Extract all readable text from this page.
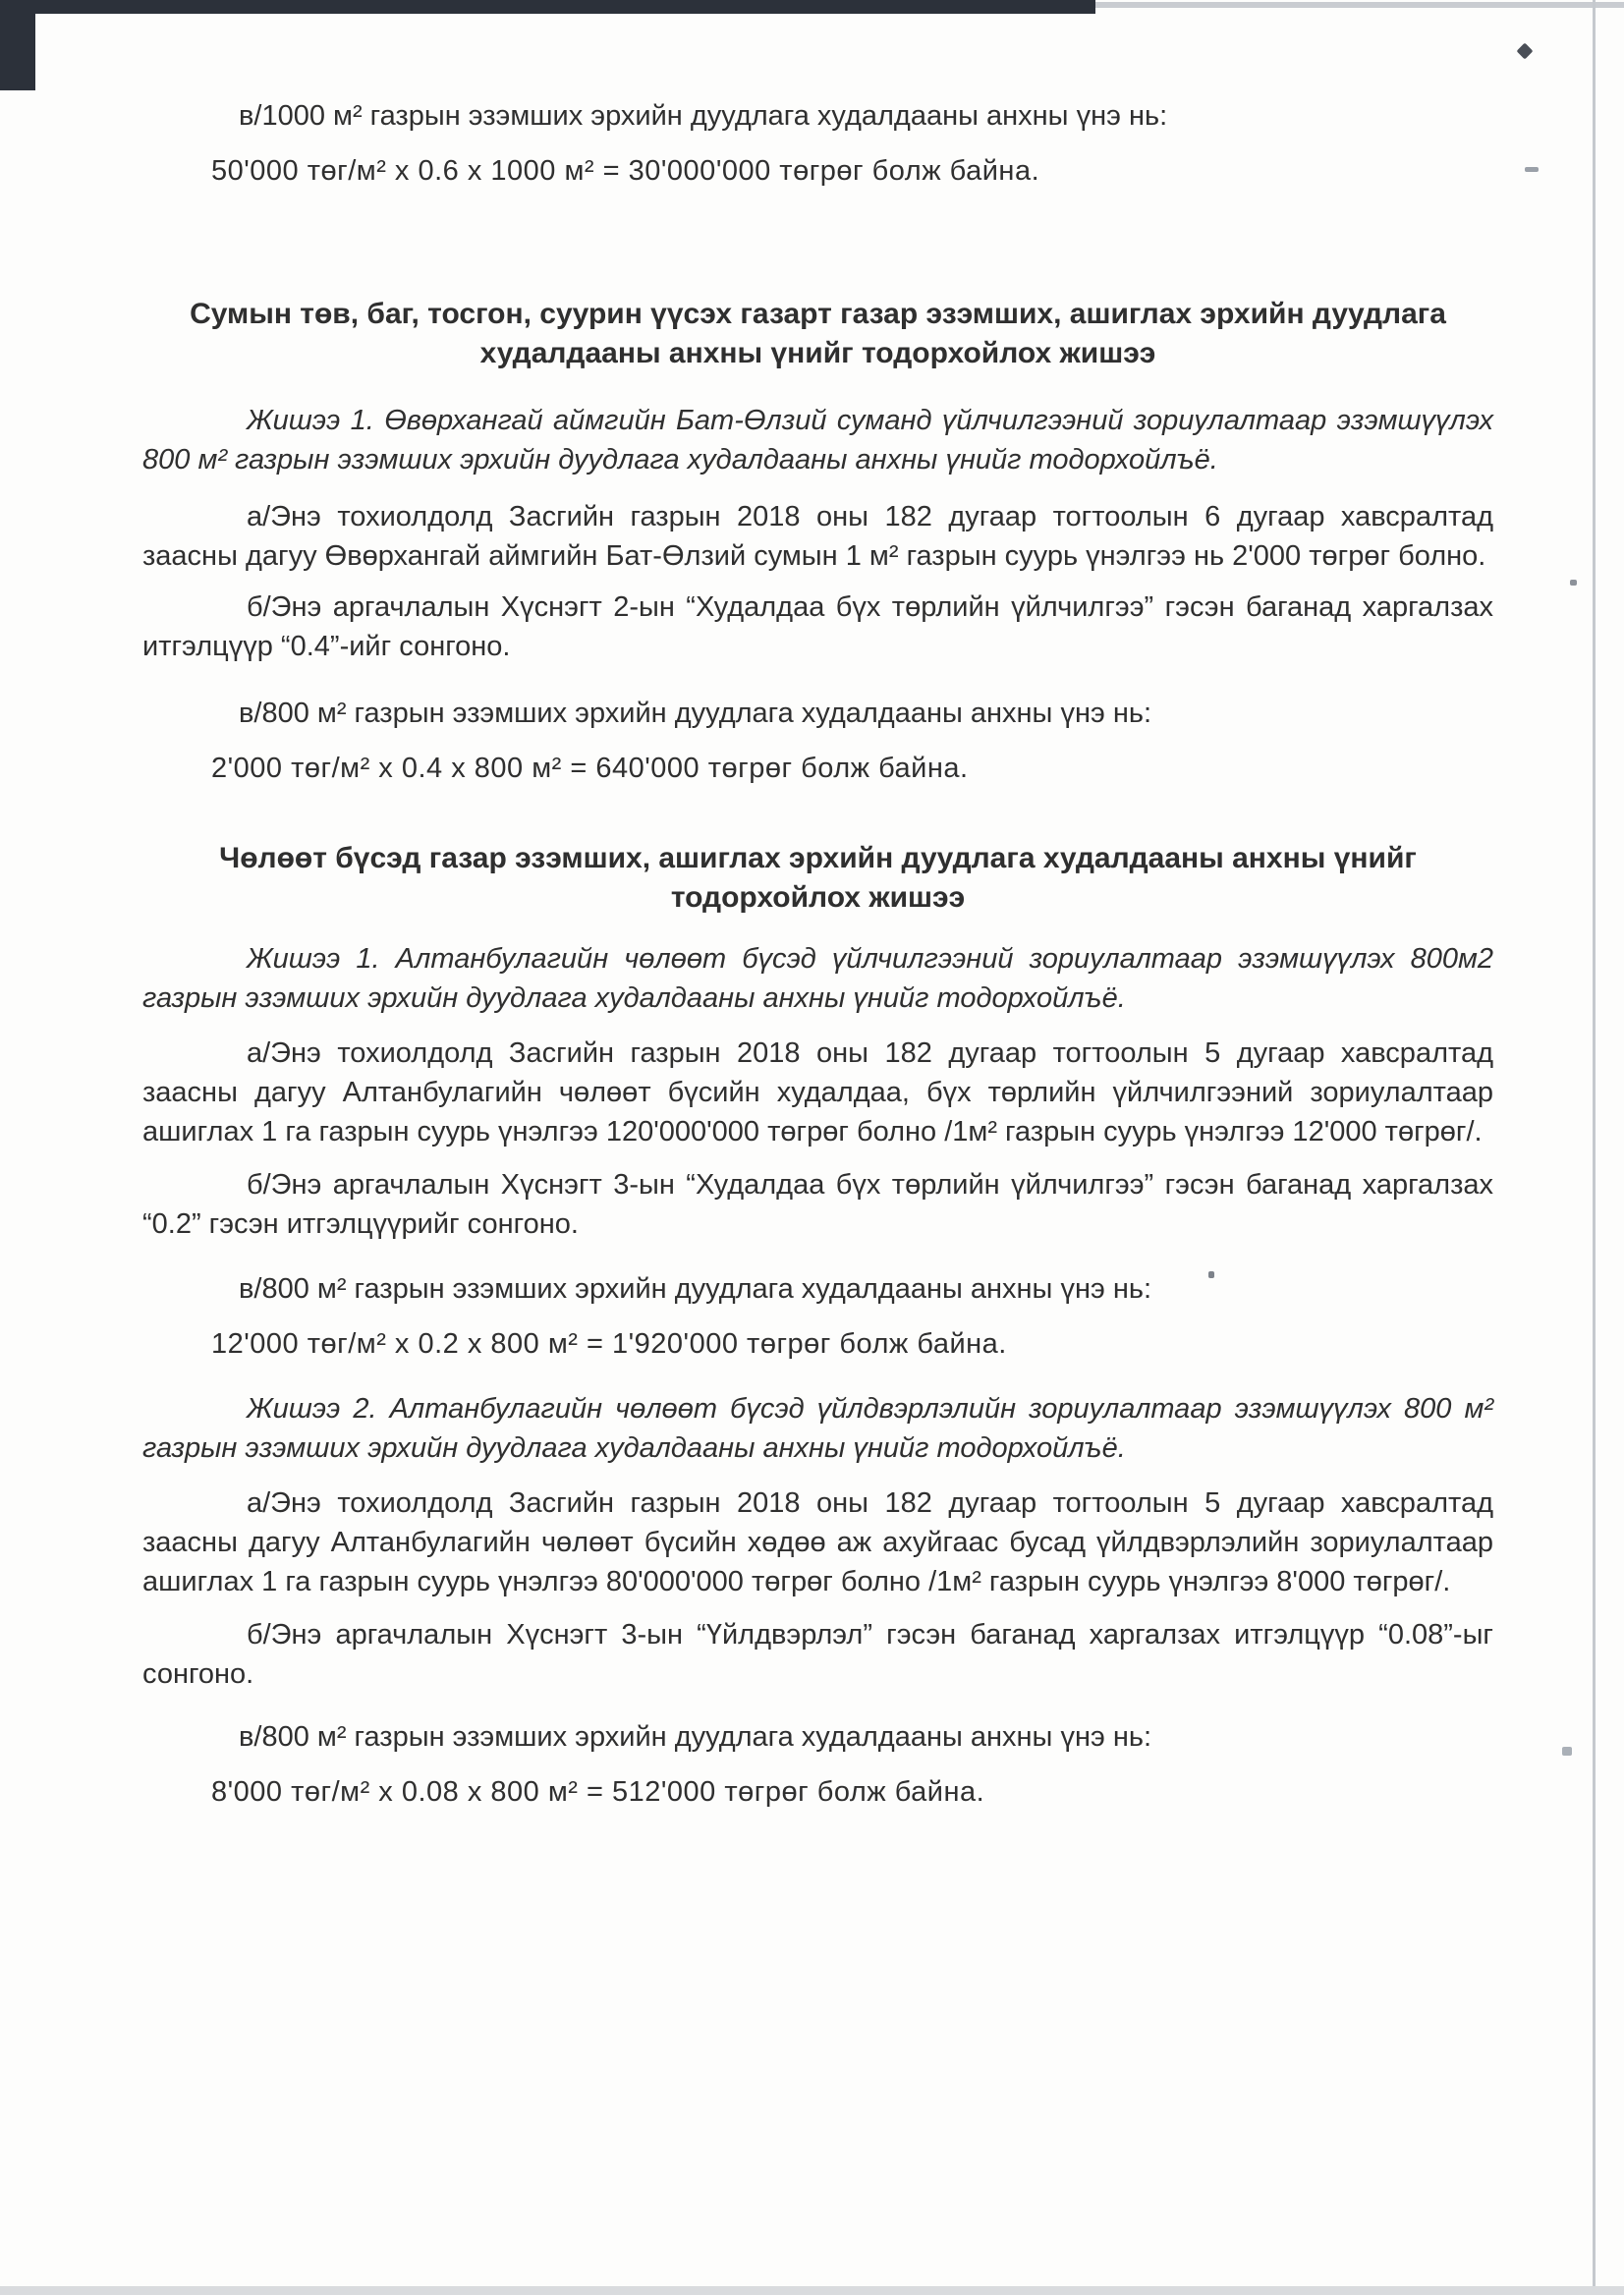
в/1000 м² газрын эзэмших эрхийн дуудлага худалдааны анхны үнэ нь:

50'000 төг/м² х 0.6 х 1000 м² = 30'000'000 төгрөг болж байна.

Сумын төв, баг, тосгон, суурин үүсэх газарт газар эзэмших, ашиглах эрхийн дуудлага худалдааны анхны үнийг тодорхойлох жишээ

Жишээ 1. Өвөрхангай аймгийн Бат-Өлзий суманд үйлчилгээний зориулалтаар эзэмшүүлэх 800 м² газрын эзэмших эрхийн дуудлага худалдааны анхны үнийг тодорхойлъё.

а/Энэ тохиолдолд Засгийн газрын 2018 оны 182 дугаар тогтоолын 6 дугаар хавсралтад заасны дагуу Өвөрхангай аймгийн Бат-Өлзий сумын 1 м² газрын суурь үнэлгээ нь 2'000 төгрөг болно.

б/Энэ аргачлалын Хүснэгт 2-ын “Худалдаа бүх төрлийн үйлчилгээ” гэсэн баганад харгалзах итгэлцүүр “0.4”-ийг сонгоно.

в/800 м² газрын эзэмших эрхийн дуудлага худалдааны анхны үнэ нь:

2'000 төг/м² х 0.4 х 800 м² = 640'000 төгрөг болж байна.

Чөлөөт бүсэд газар эзэмших, ашиглах эрхийн дуудлага худалдааны анхны үнийг тодорхойлох жишээ

Жишээ 1. Алтанбулагийн чөлөөт бүсэд үйлчилгээний зориулалтаар эзэмшүүлэх 800м2 газрын эзэмших эрхийн дуудлага худалдааны анхны үнийг тодорхойлъё.

а/Энэ тохиолдолд Засгийн газрын 2018 оны 182 дугаар тогтоолын 5 дугаар хавсралтад заасны дагуу Алтанбулагийн чөлөөт бүсийн худалдаа, бүх төрлийн үйлчилгээний зориулалтаар ашиглах 1 га газрын суурь үнэлгээ 120'000'000 төгрөг болно /1м² газрын суурь үнэлгээ 12'000 төгрөг/.

б/Энэ аргачлалын Хүснэгт 3-ын “Худалдаа бүх төрлийн үйлчилгээ” гэсэн баганад харгалзах “0.2” гэсэн итгэлцүүрийг сонгоно.

в/800 м² газрын эзэмших эрхийн дуудлага худалдааны анхны үнэ нь:

12'000 төг/м² х 0.2 х 800 м² = 1'920'000 төгрөг болж байна.

Жишээ 2. Алтанбулагийн чөлөөт бүсэд үйлдвэрлэлийн зориулалтаар эзэмшүүлэх 800 м² газрын эзэмших эрхийн дуудлага худалдааны анхны үнийг тодорхойлъё.

а/Энэ тохиолдолд Засгийн газрын 2018 оны 182 дугаар тогтоолын 5 дугаар хавсралтад заасны дагуу Алтанбулагийн чөлөөт бүсийн хөдөө аж ахуйгаас бусад үйлдвэрлэлийн зориулалтаар ашиглах 1 га газрын суурь үнэлгээ 80'000'000 төгрөг болно /1м² газрын суурь үнэлгээ 8'000 төгрөг/.

б/Энэ аргачлалын Хүснэгт 3-ын “Үйлдвэрлэл” гэсэн баганад харгалзах итгэлцүүр “0.08”-ыг сонгоно.

в/800 м² газрын эзэмших эрхийн дуудлага худалдааны анхны үнэ нь:

8'000 төг/м² х 0.08 х 800 м² = 512'000 төгрөг болж байна.
